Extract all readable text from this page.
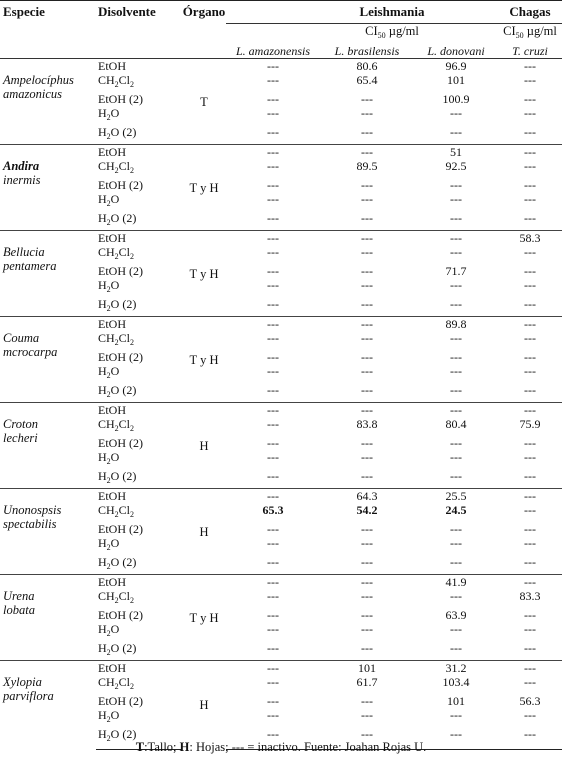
Especie	Disolvente	Órgano	Leishmania			Chagas
			$CI_{50}$ µg/ml			$CI_{50}$ µg/ml
			L. amazonensis	L. brasilensis	L. donovani	T. cruzi
Ampelocíphus
amazonicus	EtOH	T	---	80.6	96.9	---
	$CH_2Cl_2$		---	65.4	101	---
	EtOH (2)		---	---	100.9	---
	$H_2O$		---	---	---	---
	$H_2O$ (2)		---	---	---	---
Andira
inermis	EtOH	T y H	---	---	51	---
	$CH_2Cl_2$		---	89.5	92.5	---
	EtOH (2)		---	---	---	---
	$H_2O$		---	---	---	---
	$H_2O$ (2)		---	---	---	---
Bellucia
pentamera	EtOH	T y H	---	---	---	58.3
	$CH_2Cl_2$		---	---	---	---
	EtOH (2)		---	---	71.7	---
	$H_2O$		---	---	---	---
	$H_2O$ (2)		---	---	---	---
Couma
mcrocarpa	EtOH	T y H	---	---	89.8	---
	$CH_2Cl_2$		---	---	---	---
	EtOH (2)		---	---	---	---
	$H_2O$		---	---	---	---
	$H_2O$ (2)		---	---	---	---
Croton
lecheri	EtOH	H	---	---	---	---
	$CH_2Cl_2$		---	83.8	80.4	75.9
	EtOH (2)		---	---	---	---
	$H_2O$		---	---	---	---
	$H_2O$ (2)		---	---	---	---
Unonospsis
spectabilis	EtOH	H	---	64.3	25.5	---
	$CH_2Cl_2$		65.3	54.2	24.5	---
	EtOH (2)		---	---	---	---
	$H_2O$		---	---	---	---
	$H_2O$ (2)		---	---	---	---
Urena
lobata	EtOH	T y H	---	---	41.9	---
	$CH_2Cl_2$		---	---	---	83.3
	EtOH (2)		---	---	63.9	---
	$H_2O$		---	---	---	---
	$H_2O$ (2)		---	---	---	---
Xylopia
parviflora	EtOH	H	---	101	31.2	---
	$CH_2Cl_2$		---	61.7	103.4	---
	EtOH (2)		---	---	101	56.3
	$H_2O$		---	---	---	---
	$H_2O$ (2)		---	---	---	---
T:Tallo; H: Hojas; --- = inactivo. Fuente: Joahan Rojas U.
